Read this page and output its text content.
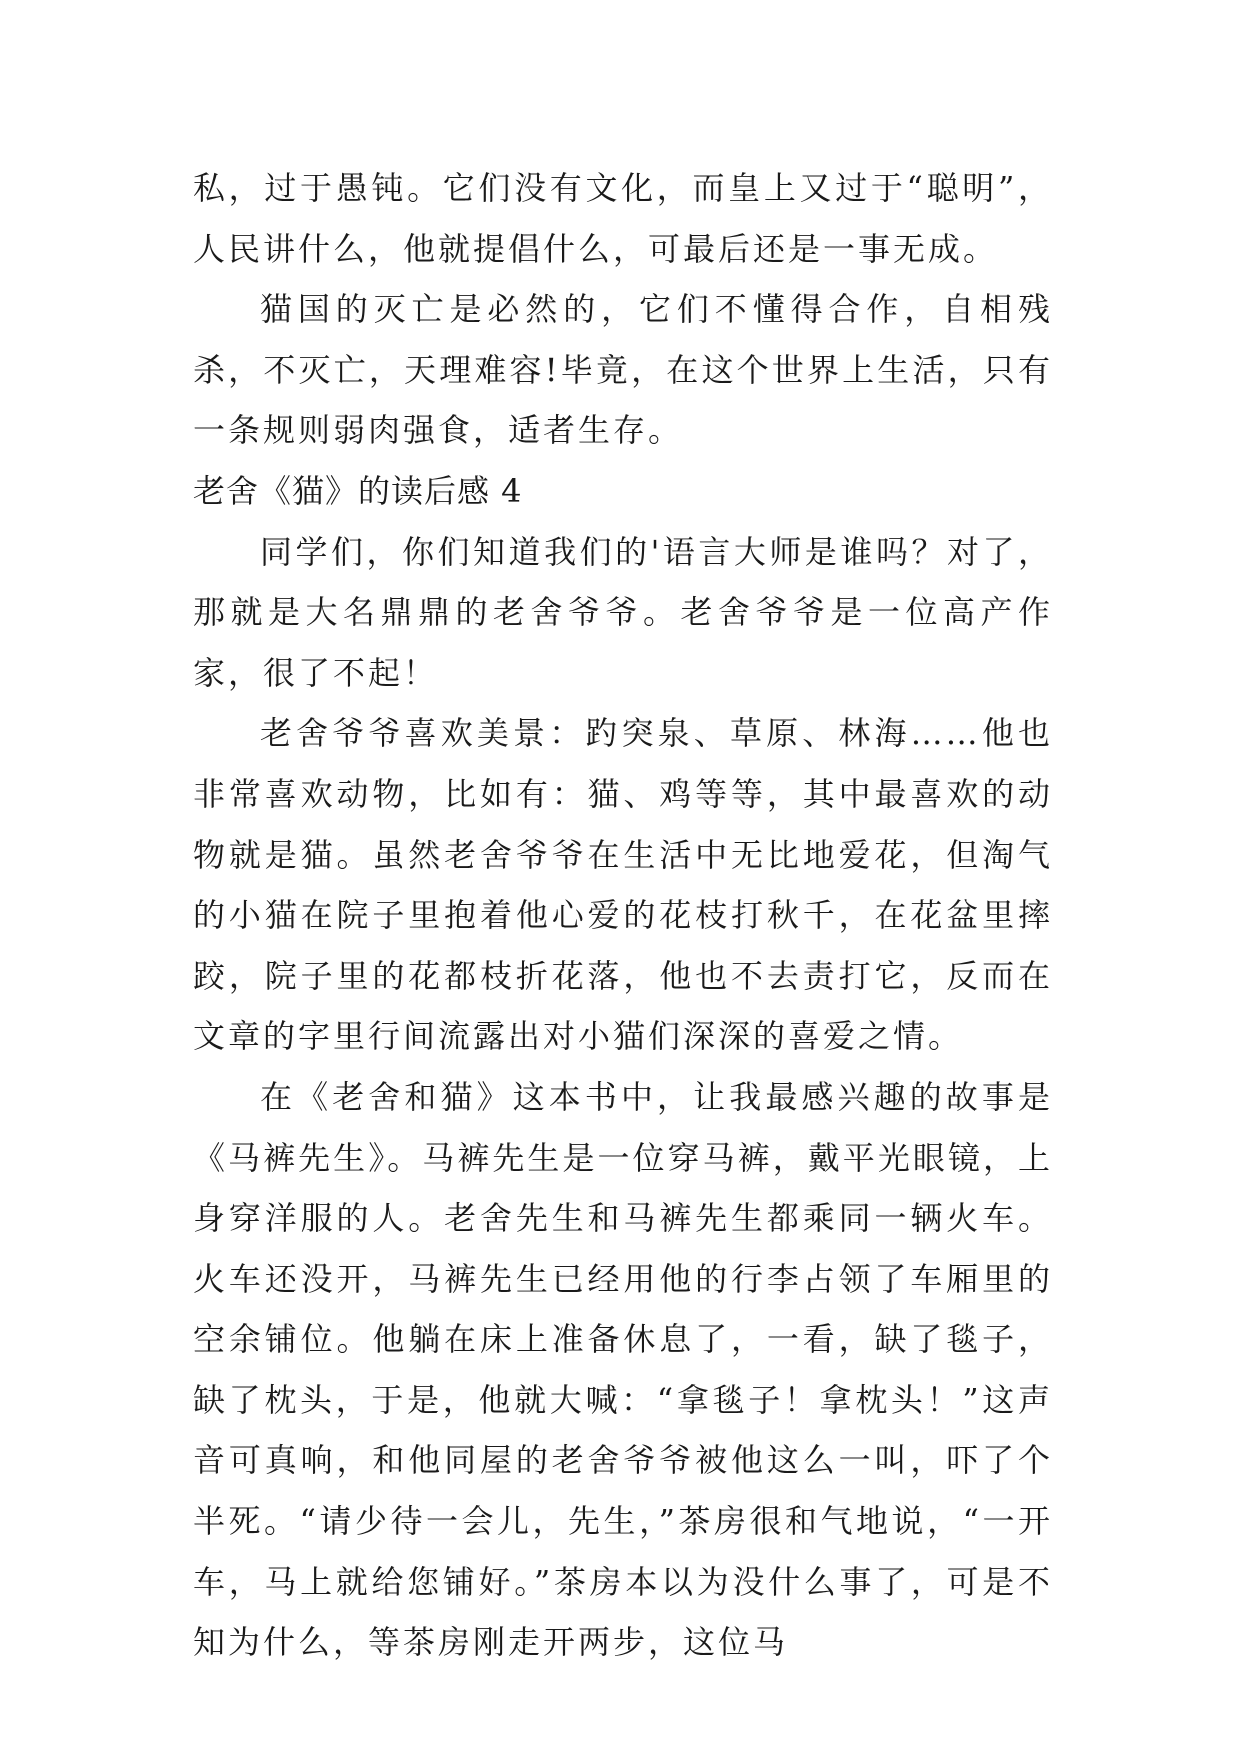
私，过于愚钝。它们没有文化，而皇上又过于“聪明”，人民讲什么，他就提倡什么，可最后还是一事无成。

猫国的灭亡是必然的，它们不懂得合作，自相残杀，不灭亡，天理难容!毕竟，在这个世界上生活，只有一条规则弱肉强食，适者生存。

老舍《猫》的读后感 4

同学们，你们知道我们的'语言大师是谁吗？对了，那就是大名鼎鼎的老舍爷爷。老舍爷爷是一位高产作家，很了不起！

老舍爷爷喜欢美景：趵突泉、草原、林海……他也非常喜欢动物，比如有：猫、鸡等等，其中最喜欢的动物就是猫。虽然老舍爷爷在生活中无比地爱花，但淘气的小猫在院子里抱着他心爱的花枝打秋千，在花盆里摔跤，院子里的花都枝折花落，他也不去责打它，反而在文章的字里行间流露出对小猫们深深的喜爱之情。

在《老舍和猫》这本书中，让我最感兴趣的故事是《马裤先生》。马裤先生是一位穿马裤，戴平光眼镜，上身穿洋服的人。老舍先生和马裤先生都乘同一辆火车。火车还没开，马裤先生已经用他的行李占领了车厢里的空余铺位。他躺在床上准备休息了，一看，缺了毯子，缺了枕头，于是，他就大喊：“拿毯子！拿枕头！”这声音可真响，和他同屋的老舍爷爷被他这么一叫，吓了个半死。“请少待一会儿，先生，”茶房很和气地说，“一开车，马上就给您铺好。”茶房本以为没什么事了，可是不知为什么，等茶房刚走开两步，这位马
